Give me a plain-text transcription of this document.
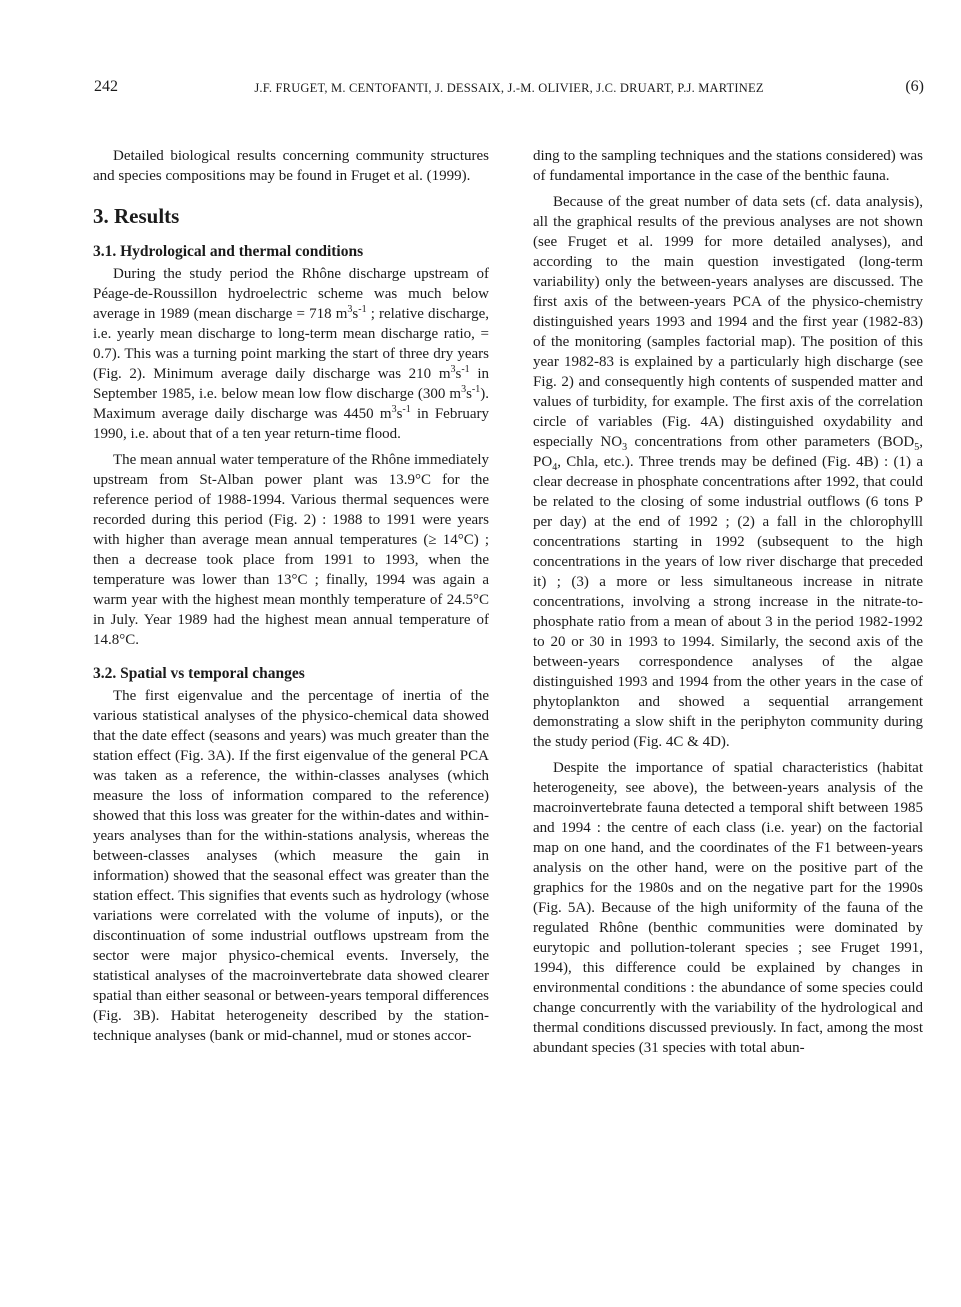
242	J.F. FRUGET, M. CENTOFANTI, J. DESSAIX, J.-M. OLIVIER, J.C. DRUART, P.J. MARTINEZ	(6)

Detailed biological results concerning community structures and species compositions may be found in Fruget et al. (1999).

3. Results
3.1. Hydrological and thermal conditions

During the study period the Rhône discharge upstream of Péage-de-Roussillon hydroelectric scheme was much below average in 1989 (mean discharge = 718 $m^3s^{-1}$ ; relative discharge, i.e. yearly mean discharge to long-term mean discharge ratio, = 0.7). This was a turning point marking the start of three dry years (Fig. 2). Minimum average daily discharge was 210 $m^3s^{-1}$ in September 1985, i.e. below mean low flow discharge (300 $m^3s^{-1}$). Maximum average daily discharge was 4450 $m^3s^{-1}$ in February 1990, i.e. about that of a ten year return-time flood.

The mean annual water temperature of the Rhône immediately upstream from St-Alban power plant was 13.9°C for the reference period of 1988-1994. Various thermal sequences were recorded during this period (Fig. 2) : 1988 to 1991 were years with higher than average mean annual temperatures (≥ 14°C) ; then a decrease took place from 1991 to 1993, when the temperature was lower than 13°C ; finally, 1994 was again a warm year with the highest mean monthly temperature of 24.5°C in July. Year 1989 had the highest mean annual temperature of 14.8°C.

3.2. Spatial vs temporal changes

The first eigenvalue and the percentage of inertia of the various statistical analyses of the physico-chemical data showed that the date effect (seasons and years) was much greater than the station effect (Fig. 3A). If the first eigenvalue of the general PCA was taken as a reference, the within-classes analyses (which measure the loss of information compared to the reference) showed that this loss was greater for the within-dates and within-years analyses than for the within-stations analysis, whereas the between-classes analyses (which measure the gain in information) showed that the seasonal effect was greater than the station effect. This signifies that events such as hydrology (whose variations were correlated with the volume of inputs), or the discontinuation of some industrial outflows upstream from the sector were major physico-chemical events. Inversely, the statistical analyses of the macroinvertebrate data showed clearer spatial than either seasonal or between-years temporal differences (Fig. 3B). Habitat heterogeneity described by the station-technique analyses (bank or mid-channel, mud or stones accor-

ding to the sampling techniques and the stations considered) was of fundamental importance in the case of the benthic fauna.

Because of the great number of data sets (cf. data analysis), all the graphical results of the previous analyses are not shown (see Fruget et al. 1999 for more detailed analyses), and according to the main question investigated (long-term variability) only the between-years analyses are discussed. The first axis of the between-years PCA of the physico-chemistry distinguished years 1993 and 1994 and the first year (1982-83) of the monitoring (samples factorial map). The position of this year 1982-83 is explained by a particularly high discharge (see Fig. 2) and consequently high contents of suspended matter and values of turbidity, for example. The first axis of the correlation circle of variables (Fig. 4A) distinguished oxydability and especially $NO_3$ concentrations from other parameters ($BOD_5$, $PO_4$, Chla, etc.). Three trends may be defined (Fig. 4B) : (1) a clear decrease in phosphate concentrations after 1992, that could be related to the closing of some industrial outflows (6 tons P per day) at the end of 1992 ; (2) a fall in the chlorophylll concentrations starting in 1992 (subsequent to the high concentrations in the years of low river discharge that preceded it) ; (3) a more or less simultaneous increase in nitrate concentrations, involving a strong increase in the nitrate-to-phosphate ratio from a mean of about 3 in the period 1982-1992 to 20 or 30 in 1993 to 1994. Similarly, the second axis of the between-years correspondence analyses of the algae distinguished 1993 and 1994 from the other years in the case of phytoplankton and showed a sequential arrangement demonstrating a slow shift in the periphyton community during the study period (Fig. 4C & 4D).

Despite the importance of spatial characteristics (habitat heterogeneity, see above), the between-years analysis of the macroinvertebrate fauna detected a temporal shift between 1985 and 1994 : the centre of each class (i.e. year) on the factorial map on one hand, and the coordinates of the F1 between-years analysis on the other hand, were on the positive part of the graphics for the 1980s and on the negative part for the 1990s (Fig. 5A). Because of the high uniformity of the fauna of the regulated Rhône (benthic communities were dominated by eurytopic and pollution-tolerant species ; see Fruget 1991, 1994), this difference could be explained by changes in environmental conditions : the abundance of some species could change concurrently with the variability of the hydrological and thermal conditions discussed previously. In fact, among the most abundant species (31 species with total abun-
